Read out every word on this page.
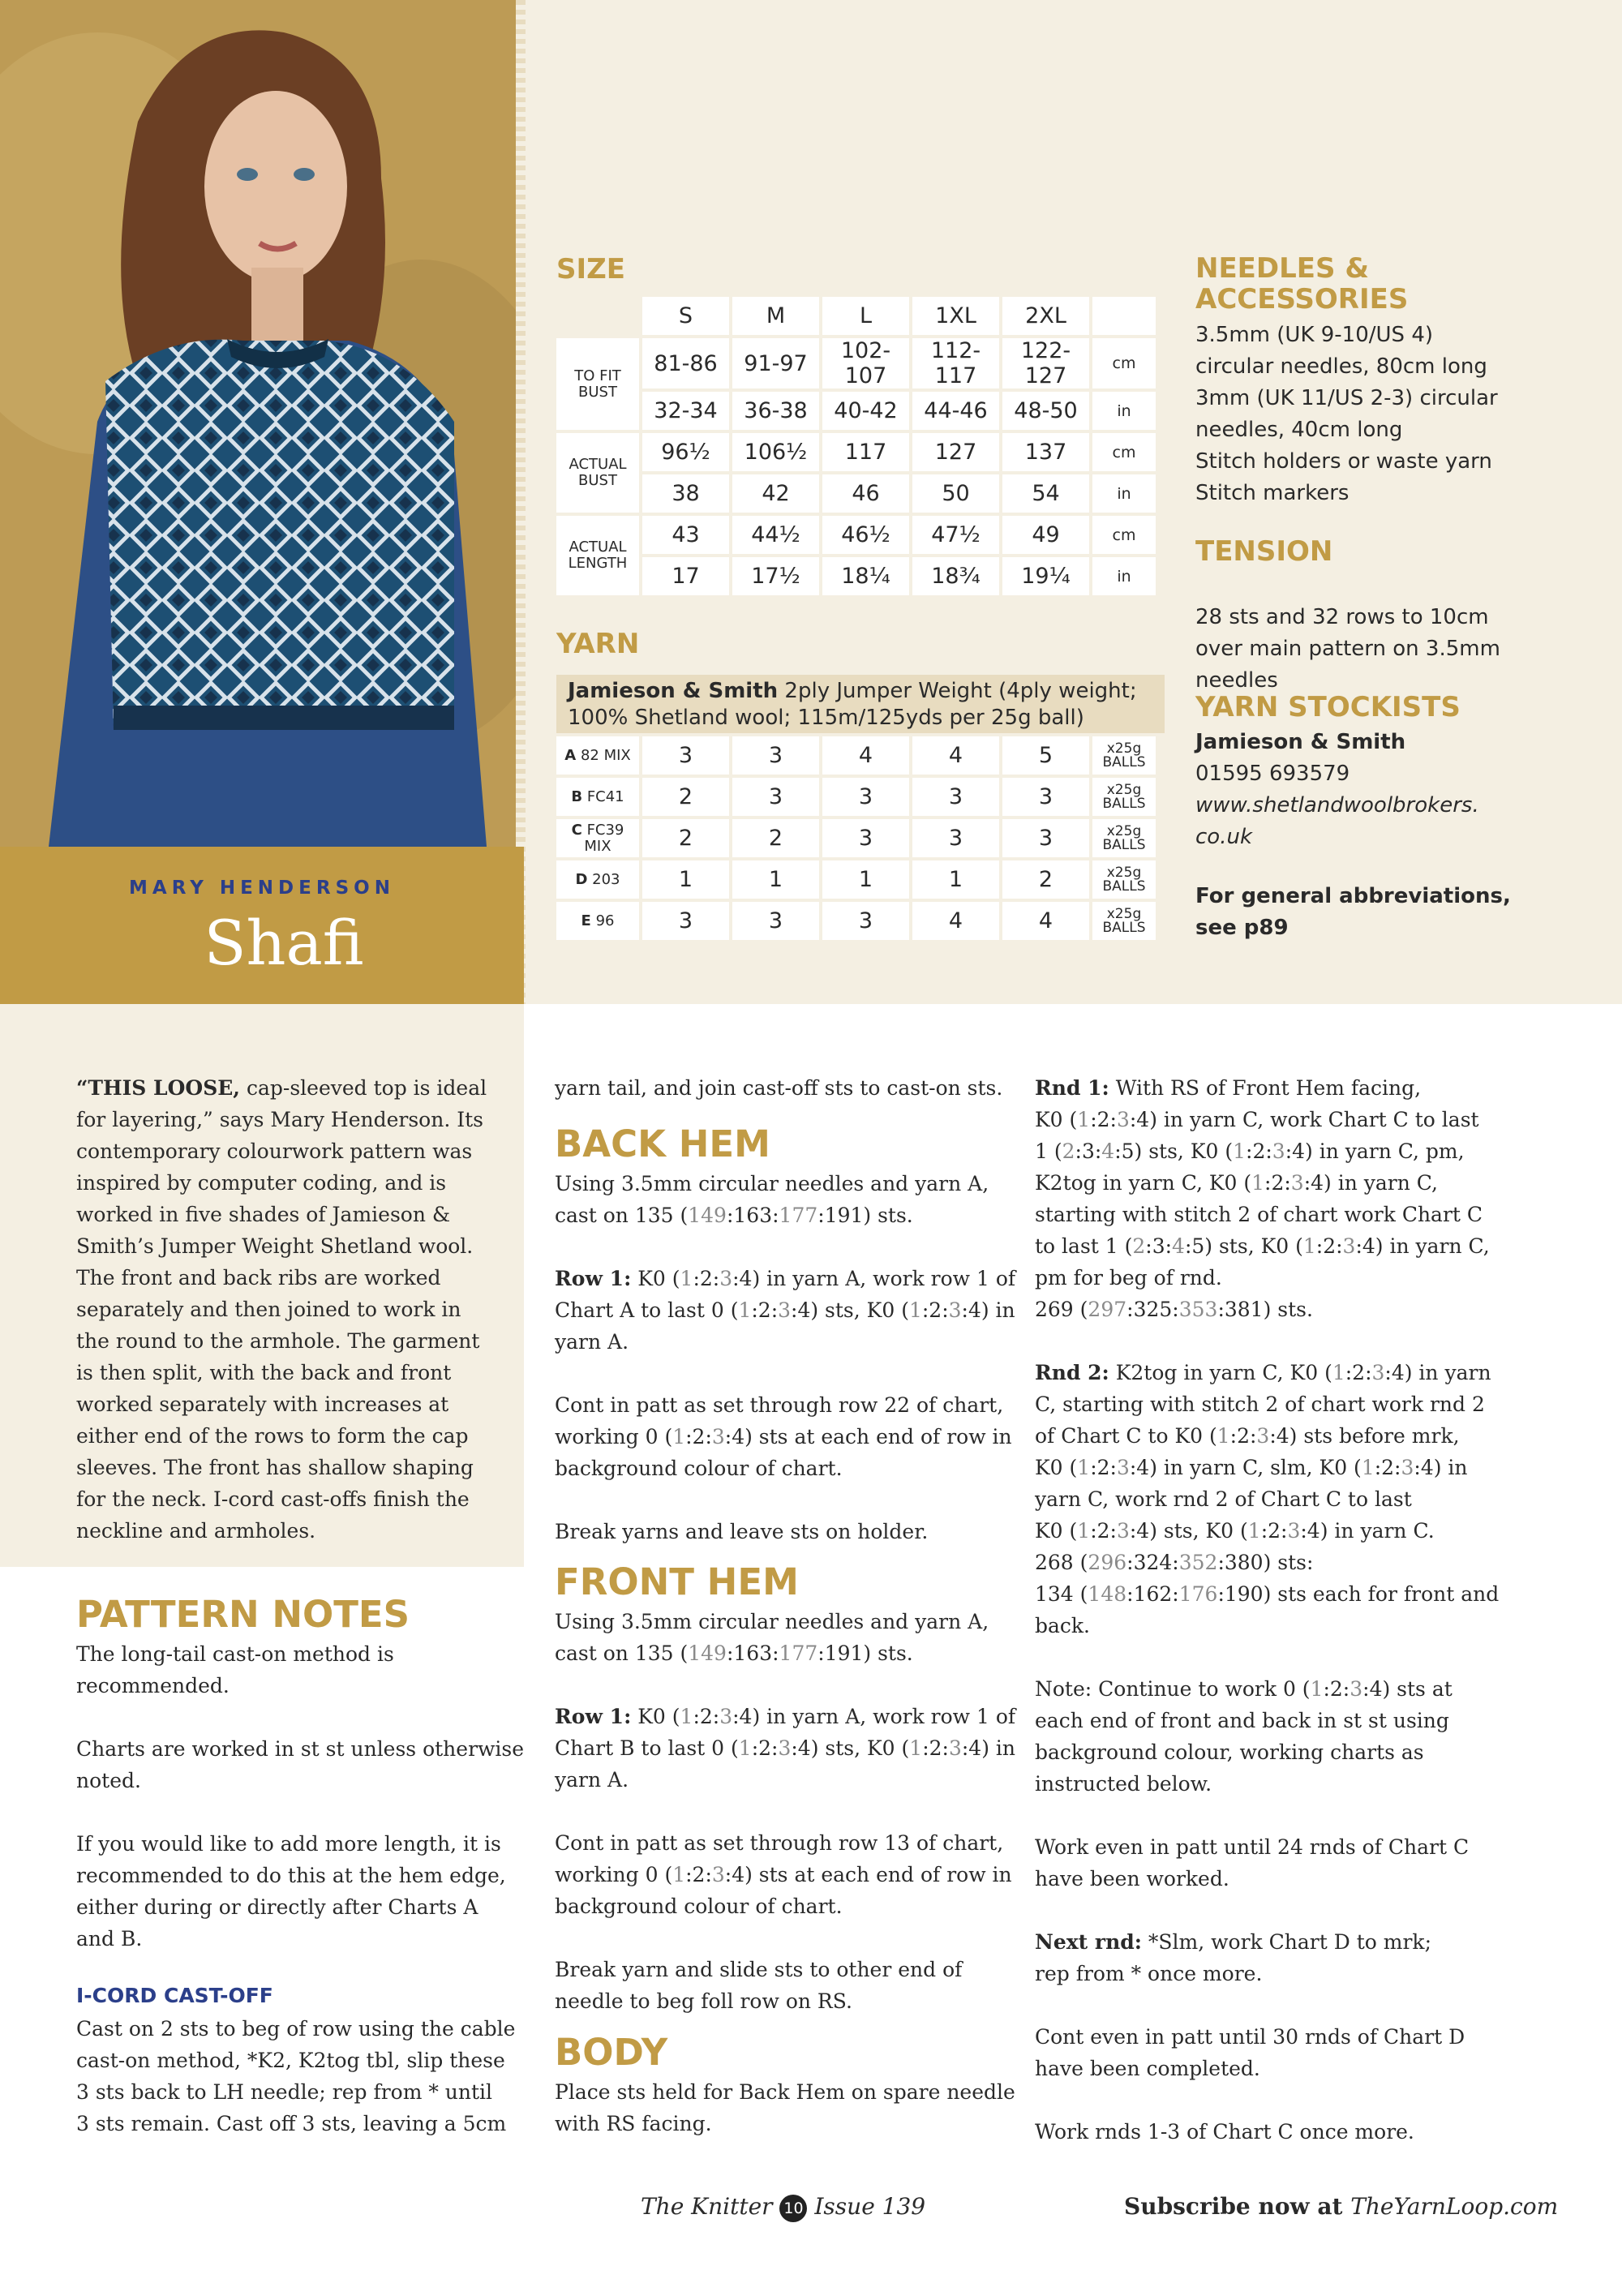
MARY HENDERSON
Shafi
SIZE
	S	M	L	1XL	2XL	
TO FIT BUST	81-86	91-97	102-107	112-117	122-127	cm
	32-34	36-38	40-42	44-46	48-50	in
ACTUAL BUST	96½	106½	117	127	137	cm
	38	42	46	50	54	in
ACTUAL LENGTH	43	44½	46½	47½	49	cm
	17	17½	18¼	18¾	19¼	in
YARN
Jamieson & Smith 2ply Jumper Weight (4ply weight;
100% Shetland wool; 115m/125yds per 25g ball)
A 82 MIX	3	3	4	4	5	x25g
BALLS

B FC41	2	3	3	3	3	x25g
BALLS

C FC39 MIX	2	2	3	3	3	x25g
BALLS

D 203	1	1	1	1	2	x25g
BALLS

E 96	3	3	3	4	4	x25g
BALLS
NEEDLES &
ACCESSORIES
3.5mm (UK 9-10/US 4)
circular needles, 80cm long
3mm (UK 11/US 2-3) circular
needles, 40cm long
Stitch holders or waste yarn
Stitch markers
TENSION
28 sts and 32 rows to 10cm
over main pattern on 3.5mm
needles
YARN STOCKISTS
Jamieson & Smith
01595 693579
www.shetlandwoolbrokers.
co.uk
For general abbreviations,
see p89
“THIS LOOSE, cap-sleeved top is ideal
for layering,” says Mary Henderson. Its
contemporary colourwork pattern was
inspired by computer coding, and is
worked in five shades of Jamieson &
Smith’s Jumper Weight Shetland wool.
The front and back ribs are worked
separately and then joined to work in
the round to the armhole. The garment
is then split, with the back and front
worked separately with increases at
either end of the rows to form the cap
sleeves. The front has shallow shaping
for the neck. I-cord cast-offs finish the
neckline and armholes.
PATTERN NOTES
The long-tail cast-on method is
recommended.
Charts are worked in st st unless otherwise
noted.
If you would like to add more length, it is
recommended to do this at the hem edge,
either during or directly after Charts A
and B.
I-CORD CAST-OFF
Cast on 2 sts to beg of row using the cable
cast-on method, *K2, K2tog tbl, slip these
3 sts back to LH needle; rep from * until
3 sts remain. Cast off 3 sts, leaving a 5cm
yarn tail, and join cast-off sts to cast-on sts.
BACK HEM
Using 3.5mm circular needles and yarn A,
cast on 135 (149:163:177:191) sts.
Row 1: K0 (1:2:3:4) in yarn A, work row 1 of
Chart A to last 0 (1:2:3:4) sts, K0 (1:2:3:4) in
yarn A.
Cont in patt as set through row 22 of chart,
working 0 (1:2:3:4) sts at each end of row in
background colour of chart.
Break yarns and leave sts on holder.
FRONT HEM
Using 3.5mm circular needles and yarn A,
cast on 135 (149:163:177:191) sts.
Row 1: K0 (1:2:3:4) in yarn A, work row 1 of
Chart B to last 0 (1:2:3:4) sts, K0 (1:2:3:4) in
yarn A.
Cont in patt as set through row 13 of chart,
working 0 (1:2:3:4) sts at each end of row in
background colour of chart.
Break yarn and slide sts to other end of
needle to beg foll row on RS.
BODY
Place sts held for Back Hem on spare needle
with RS facing.
Rnd 1: With RS of Front Hem facing,
K0 (1:2:3:4) in yarn C, work Chart C to last
1 (2:3:4:5) sts, K0 (1:2:3:4) in yarn C, pm,
K2tog in yarn C, K0 (1:2:3:4) in yarn C,
starting with stitch 2 of chart work Chart C
to last 1 (2:3:4:5) sts, K0 (1:2:3:4) in yarn C,
pm for beg of rnd.
269 (297:325:353:381) sts.
Rnd 2: K2tog in yarn C, K0 (1:2:3:4) in yarn
C, starting with stitch 2 of chart work rnd 2
of Chart C to K0 (1:2:3:4) sts before mrk,
K0 (1:2:3:4) in yarn C, slm, K0 (1:2:3:4) in
yarn C, work rnd 2 of Chart C to last
K0 (1:2:3:4) sts, K0 (1:2:3:4) in yarn C.
268 (296:324:352:380) sts:
134 (148:162:176:190) sts each for front and
back.
Note: Continue to work 0 (1:2:3:4) sts at
each end of front and back in st st using
background colour, working charts as
instructed below.
Work even in patt until 24 rnds of Chart C
have been worked.
Next rnd: *Slm, work Chart D to mrk;
rep from * once more.
Cont even in patt until 30 rnds of Chart D
have been completed.
Work rnds 1-3 of Chart C once more.
The Knitter 10 Issue 139	Subscribe now at TheYarnLoop.com
